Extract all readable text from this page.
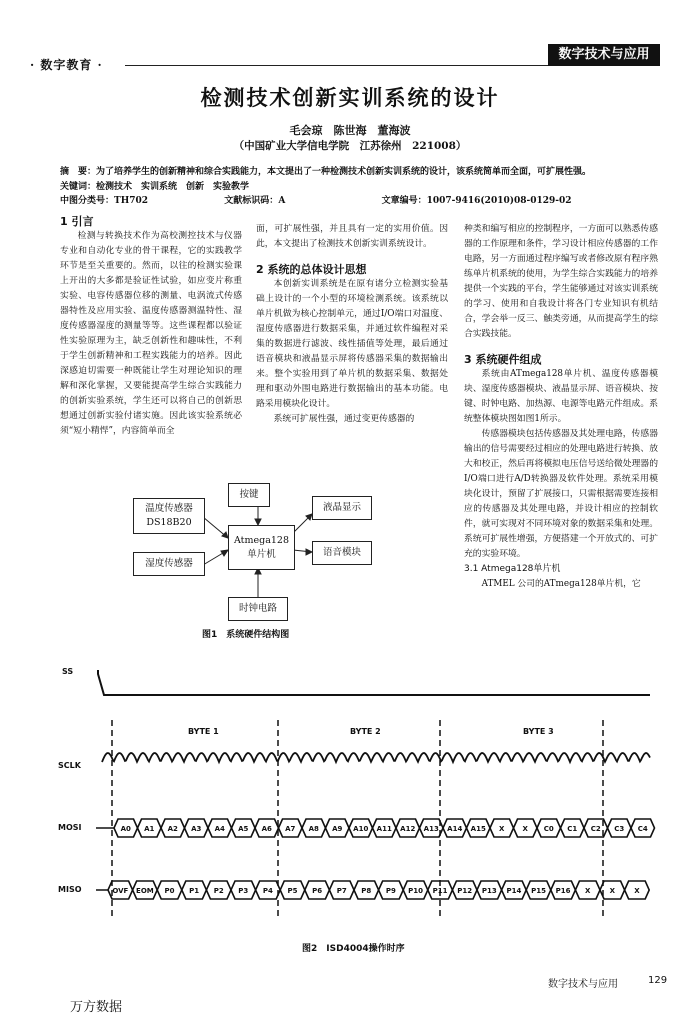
· 数字教育 ·
数字技术与应用
检测技术创新实训系统的设计
毛会琼　陈世海　董海波
（中国矿业大学信电学院　江苏徐州　221008）
摘　要：为了培养学生的创新精神和综合实践能力，本文提出了一种检测技术创新实训系统的设计，该系统简单而全面，可扩展性强。
关键词：检测技术　实训系统　创新　实验教学
中图分类号：TH702	文献标识码：A	文章编号：1007-9416(2010)08-0129-02

1 引言

检测与转换技术作为高校测控技术与仪器专业和自动化专业的骨干课程，它的实践教学环节是至关重要的。然而，以往的检测实验课上开出的大多都是验证性试验，如应变片称重实验、电容传感器位移的测量、电涡流式传感器特性及应用实验、温度传感器测温特性、湿度传感器湿度的测量等等。这些课程都以验证性实验原理为主，缺乏创新性和趣味性，不利于学生创新精神和工程实践能力的培养。因此深感迫切需要一种既能让学生对理论知识的理解和深化掌握，又要能提高学生综合实践能力的创新实验系统，学生还可以将自己的创新思想通过创新实验付诸实施。因此该实验系统必须“短小精悍”，内容简单而全

面，可扩展性强，并且具有一定的实用价值。因此，本文提出了检测技术创新实训系统设计。

2 系统的总体设计思想

本创新实训系统是在原有诸分立检测实验基础上设计的一个小型的环境检测系统。该系统以单片机做为核心控制单元，通过I/O端口对温度、湿度传感器进行数据采集，并通过软件编程对采集的数据进行滤波、线性插值等处理，最后通过语音模块和液晶显示屏将传感器采集的数据输出来。整个实验用到了单片机的数据采集、数据处理和驱动外围电路进行数据输出的基本功能。电路采用模块化设计。

系统可扩展性强，通过变更传感器的

种类和编写相应的控制程序，一方面可以熟悉传感器的工作原理和条件，学习设计相应传感器的工作电路，另一方面通过程序编写或者修改原有程序熟练单片机系统的使用，为学生综合实践能力的培养提供一个实践的平台，学生能够通过对该实训系统的学习、使用和自我设计将各门专业知识有机结合，学会举一反三、触类旁通，从而提高学生的综合实践技能。

3 系统硬件组成

系统由ATmega128单片机、温度传感器模块、湿度传感器模块、液晶显示屏、语音模块、按键、时钟电路、加热源、电源等电路元件组成。系统整体模块图如图1所示。

传感器模块包括传感器及其处理电路，传感器输出的信号需要经过相应的处理电路进行转换、放大和校正，然后再将模拟电压信号送给微处理器的I/O端口进行A/D转换器及软件处理。系统采用模块化设计，预留了扩展接口，只需根据需要连接相应的传感器及其处理电路，并设计相应的控制软件，就可实现对不同环境对象的数据采集和处理。系统可扩展性增强，方便搭建一个开放式的、可扩充的实验环境。

3.1 Atmega128单片机

ATMEL 公司的ATmega128单片机，它

温度传感器
DS18B20
湿度传感器
按键
Atmega128
单片机
液晶显示
语音模块
时钟电路
图1　系统硬件结构图
SS
SCLK
MOSI
MISO
BYTE 1	BYTE 2	BYTE 3
A0 A1 A2 A3 A4 A5 A6 A7 A8 A9 A10 A11 A12 A13 A14 A15 X	X C0 C1 C2 C3 C4
OVF EOM P0 P1 P2 P3 P4 P5 P6 P7 P8 P9 P10 P11 P12 P13 P14 P15 P16 X	X	X
图2　ISD4004操作时序
数字技术与应用	129
万方数据
